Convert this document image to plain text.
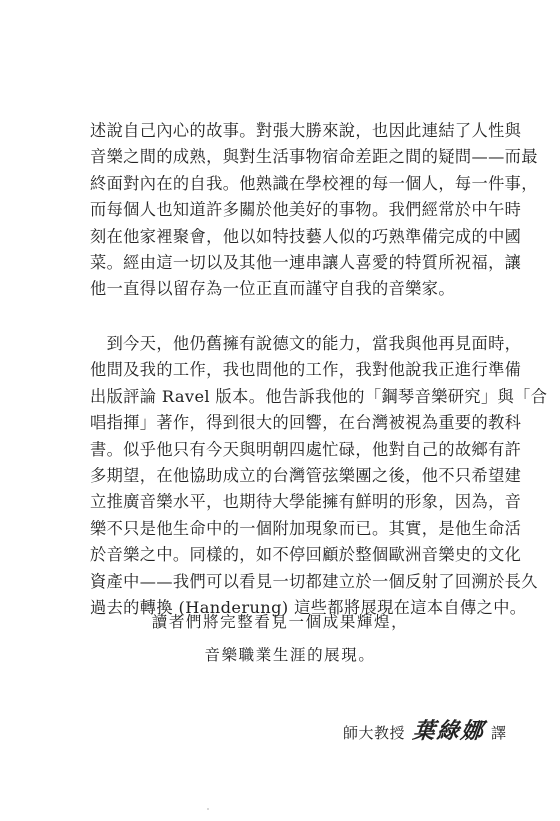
述說自己內心的故事。對張大勝來說，也因此連結了人性與
音樂之間的成熟，與對生活事物宿命差距之間的疑問——而最
終面對內在的自我。他熟識在學校裡的每一個人，每一件事，
而每個人也知道許多關於他美好的事物。我們經常於中午時
刻在他家裡聚會，他以如特技藝人似的巧熟準備完成的中國
菜。經由這一切以及其他一連串讓人喜愛的特質所祝福，讓
他一直得以留存為一位正直而謹守自我的音樂家。

　到今天，他仍舊擁有說德文的能力，當我與他再見面時，
他問及我的工作，我也問他的工作，我對他說我正進行準備
出版評論 Ravel 版本。他告訴我他的「鋼琴音樂研究」與「合
唱指揮」著作，得到很大的回響，在台灣被視為重要的教科
書。似乎他只有今天與明朝四處忙碌，他對自己的故鄉有許
多期望，在他協助成立的台灣管弦樂團之後，他不只希望建
立推廣音樂水平，也期待大學能擁有鮮明的形象，因為，音
樂不只是他生命中的一個附加現象而已。其實，是他生命活
於音樂之中。同樣的，如不停回顧於整個歐洲音樂史的文化
資產中——我們可以看見一切都建立於一個反射了回溯於長久
過去的轉換 (Handerung) 這些都將展現在這本自傳之中。

讀者們將完整看見一個成果輝煌，
音樂職業生涯的展現。
師大教授 葉綠娜 譯
